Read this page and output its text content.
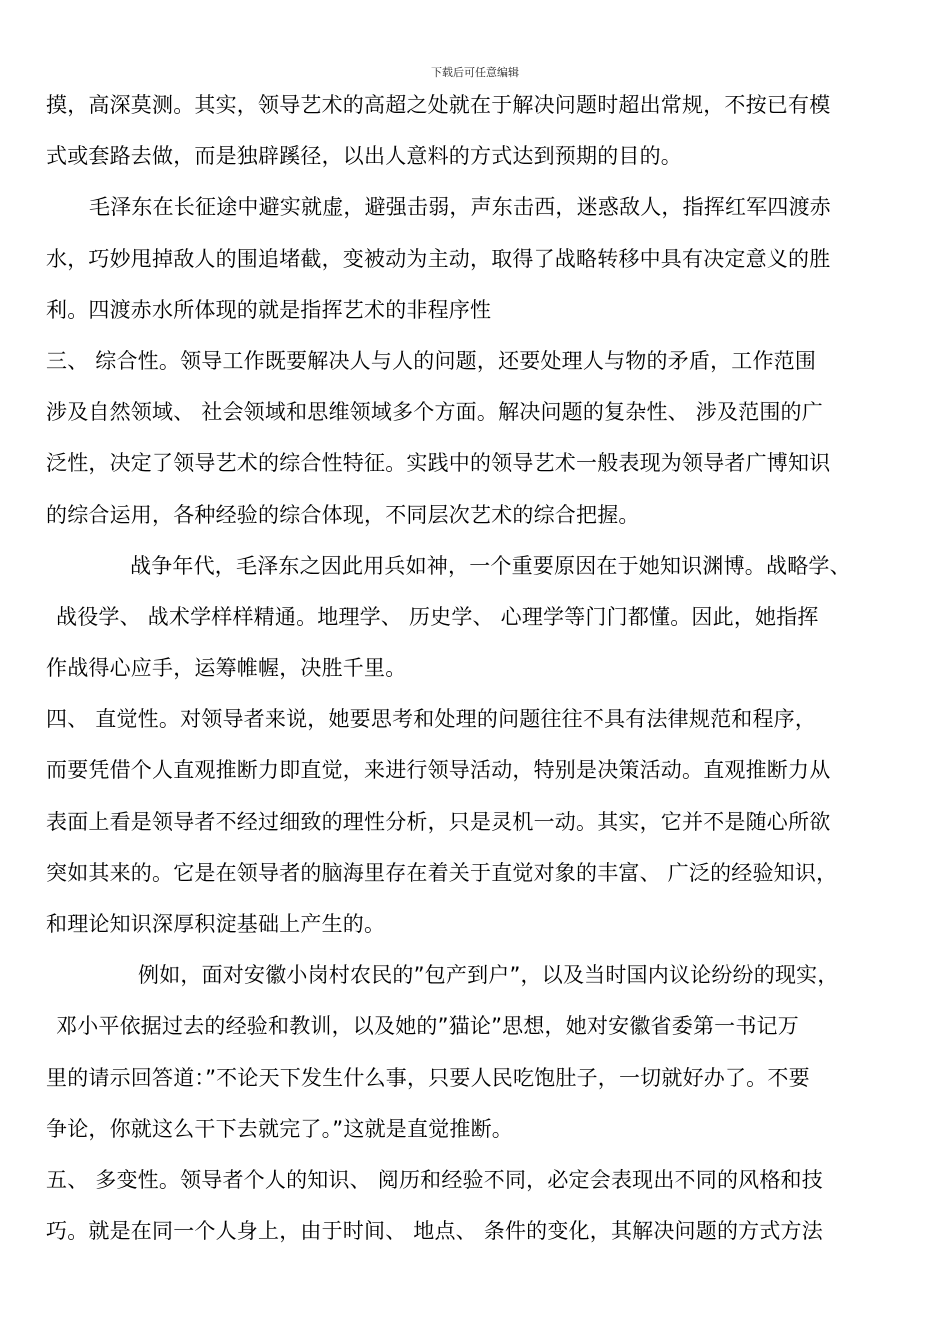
下载后可任意编辑
摸，高深莫测。其实，领导艺术的高超之处就在于解决问题时超出常规，不按已有模
式或套路去做，而是独辟蹊径，以出人意料的方式达到预期的目的。
毛泽东在长征途中避实就虚，避强击弱，声东击西，迷惑敌人，指挥红军四渡赤
水，巧妙甩掉敌人的围追堵截，变被动为主动，取得了战略转移中具有决定意义的胜
利。四渡赤水所体现的就是指挥艺术的非程序性
三、 综合性。领导工作既要解决人与人的问题，还要处理人与物的矛盾，工作范围
涉及自然领域、 社会领域和思维领域多个方面。解决问题的复杂性、 涉及范围的广
泛性，决定了领导艺术的综合性特征。实践中的领导艺术一般表现为领导者广博知识
的综合运用，各种经验的综合体现，不同层次艺术的综合把握。
战争年代，毛泽东之因此用兵如神，一个重要原因在于她知识渊博。战略学、
战役学、 战术学样样精通。地理学、 历史学、 心理学等门门都懂。因此，她指挥
作战得心应手，运筹帷幄，决胜千里。
四、 直觉性。对领导者来说，她要思考和处理的问题往往不具有法律规范和程序，
而要凭借个人直观推断力即直觉，来进行领导活动，特别是决策活动。直观推断力从
表面上看是领导者不经过细致的理性分析，只是灵机一动。其实，它并不是随心所欲
突如其来的。它是在领导者的脑海里存在着关于直觉对象的丰富、 广泛的经验知识，
和理论知识深厚积淀基础上产生的。
例如，面对安徽小岗村农民的”包产到户”，以及当时国内议论纷纷的现实，
邓小平依据过去的经验和教训，以及她的”猫论”思想，她对安徽省委第一书记万
里的请示回答道：”不论天下发生什么事，只要人民吃饱肚子，一切就好办了。不要
争论，你就这么干下去就完了。”这就是直觉推断。
五、 多变性。领导者个人的知识、 阅历和经验不同，必定会表现出不同的风格和技
巧。就是在同一个人身上，由于时间、 地点、 条件的变化，其解决问题的方式方法
